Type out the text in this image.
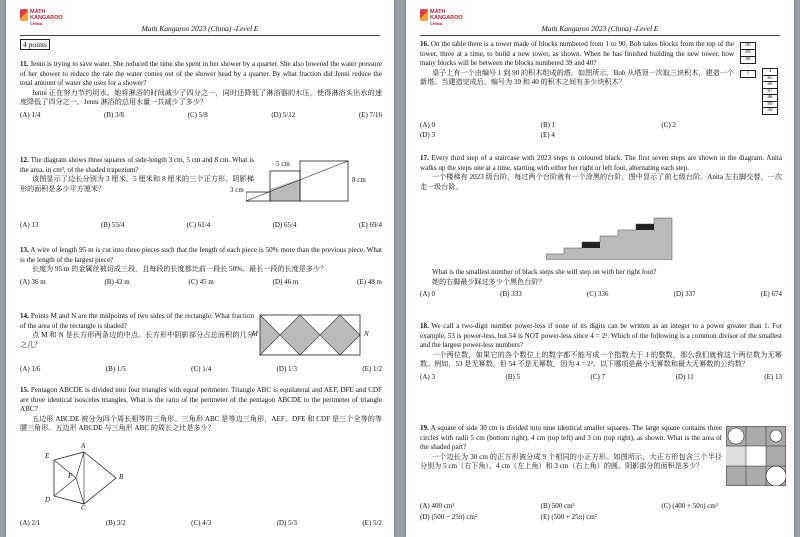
MATH
KANGAROO
CHINA
Math Kangaroo 2023 (China) -Level E
4 points

11. Jenni is trying to save water. She reduced the time she spent in her shower by a quarter. She also lowered the water pressure of her shower to reduce the rate the water comes out of the shower head by a quarter. By what fraction did Jenni reduce the total amount of water she uses for a shower?

Jenni 正在努力节约用水。她将淋浴的时间减少了四分之一，同时还降低了淋浴器的水压，使得淋浴头出水的速度降低了四分之一。Jenni 淋浴的总用水量一共减少了多少？

(A) 1/4	(B) 3/8	(C) 5/8	(D) 5/12	(E) 7/16

12. The diagram shows three squares of side-length 3 cm, 5 cm and 8 cm. What is the area, in cm², of the shaded trapezium?

该图显示了边长分别为 3 厘米、5 厘米和 8 厘米的三个正方形。阴影梯形的面积是多少平方厘米？

(A) 13	(B) 55/4	(C) 61/4	(D) 65/4	(E) 69/4
5 cm
3 cm
8 cm

13. A wire of length 95 m is cut into three pieces such that the length of each piece is 50% more than the previous piece. What is the length of the largest piece?

长度为 95 m 的金属丝被切成三段，且每段的长度都比前一段长 50%。最长一段的长度是多少？

(A) 36 m	(B) 42 m	(C) 45 m	(D) 46 m	(E) 48 m

14. Points M and N are the midpoints of two sides of the rectangle. What fraction of the area of the rectangle is shaded?

点 M 和 N 是长方形两条边的中点。长方形中阴影部分占总面积的几分之几？

(A) 1/6	(B) 1/5	(C) 1/4	(D) 1/3	(E) 1/2
M	N

15. Pentagon ABCDE is divided into four triangles with equal perimeter. Triangle ABC is equilateral and AEF, DFE and CDF are three identical isosceles triangles. What is the ratio of the perimeter of the pentagon ABCDE to the perimeter of triangle ABC?

五边形 ABCDE 被分为四个周长相等的三角形。三角形 ABC 是等边三角形，AEF、DFE 和 CDF 是三个全等的等腰三角形。五边形 ABCDE 与三角形 ABC 的周长之比是多少？

A
B
C
D
E
F
(A) 2/1	(B) 3/2	(C) 4/3	(D) 5/3	(E) 5/2
MATH
KANGAROO
CHINA
Math Kangaroo 2023 (China) -Level E

16. On the table there is a tower made of blocks numbered from 1 to 90. Bob takes blocks from the top of the tower, three at a time, to build a new tower, as shown. When he has finished building the new tower, how many blocks will be between the blocks numbered 39 and 40?

桌子上有一个由编号 1 到 90 的积木组成的塔。如图所示，Bob 从塔顶一次取三块积木，建造一个新塔。当建造完成后，编号为 39 和 40 的积木之间有多少块积木？

90
89
88
⋮
1	4
85
86
87
88
89
90
(A) 0	(B) 1	(C) 2
(D) 3	(E) 4

17. Every third step of a staircase with 2023 steps is coloured black. The first seven steps are shown in the diagram. Anita walks up the steps one at a time, starting with either her right or left foot, alternating each step.

一个楼梯有 2023 级台阶，每过两个台阶就有一个涂黑的台阶，图中显示了前七级台阶。Anita 左右脚交替，一次走一级台阶。

What is the smallest number of black steps she will step on with her right foot?

她的右脚最少踩过多少个黑色台阶？

(A) 0	(B) 333	(C) 336	(D) 337	(E) 674

18. We call a two-digit number power-less if none of its digits can be written as an integer to a power greater than 1. For example, 53 is power-less, but 54 is NOT power-less since 4 = 2². Which of the following is a common divisor of the smallest and the largest power-less numbers?

一个两位数，如果它的各个数位上的数字都不能写成一个指数大于 1 的整数，那么我们就称这个两位数为无幂数。例如，53 是无幂数，但 54 不是无幂数，因为 4 = 2²。以下哪项是最小无幂数和最大无幂数的公约数？

(A) 3	(B) 5	(C) 7	(D) 11	(E) 13

19. A square of side 30 cm is divided into nine identical smaller squares. The large square contains three circles with radii 5 cm (bottom right), 4 cm (top left) and 3 cm (top right), as shown. What is the area of the shaded part?

一个边长为 30 cm 的正方形被分成 9 个相同的小正方形。如图所示，大正方形包含三个半径分别为 5 cm（右下角）、4 cm（左上角）和 3 cm（右上角）的圆。阴影部分的面积是多少？

(A) 400 cm²	(B) 500 cm²	(C) (400 + 50π) cm²
(D) (500 − 25π) cm²	(E) (500 + 25π) cm²
